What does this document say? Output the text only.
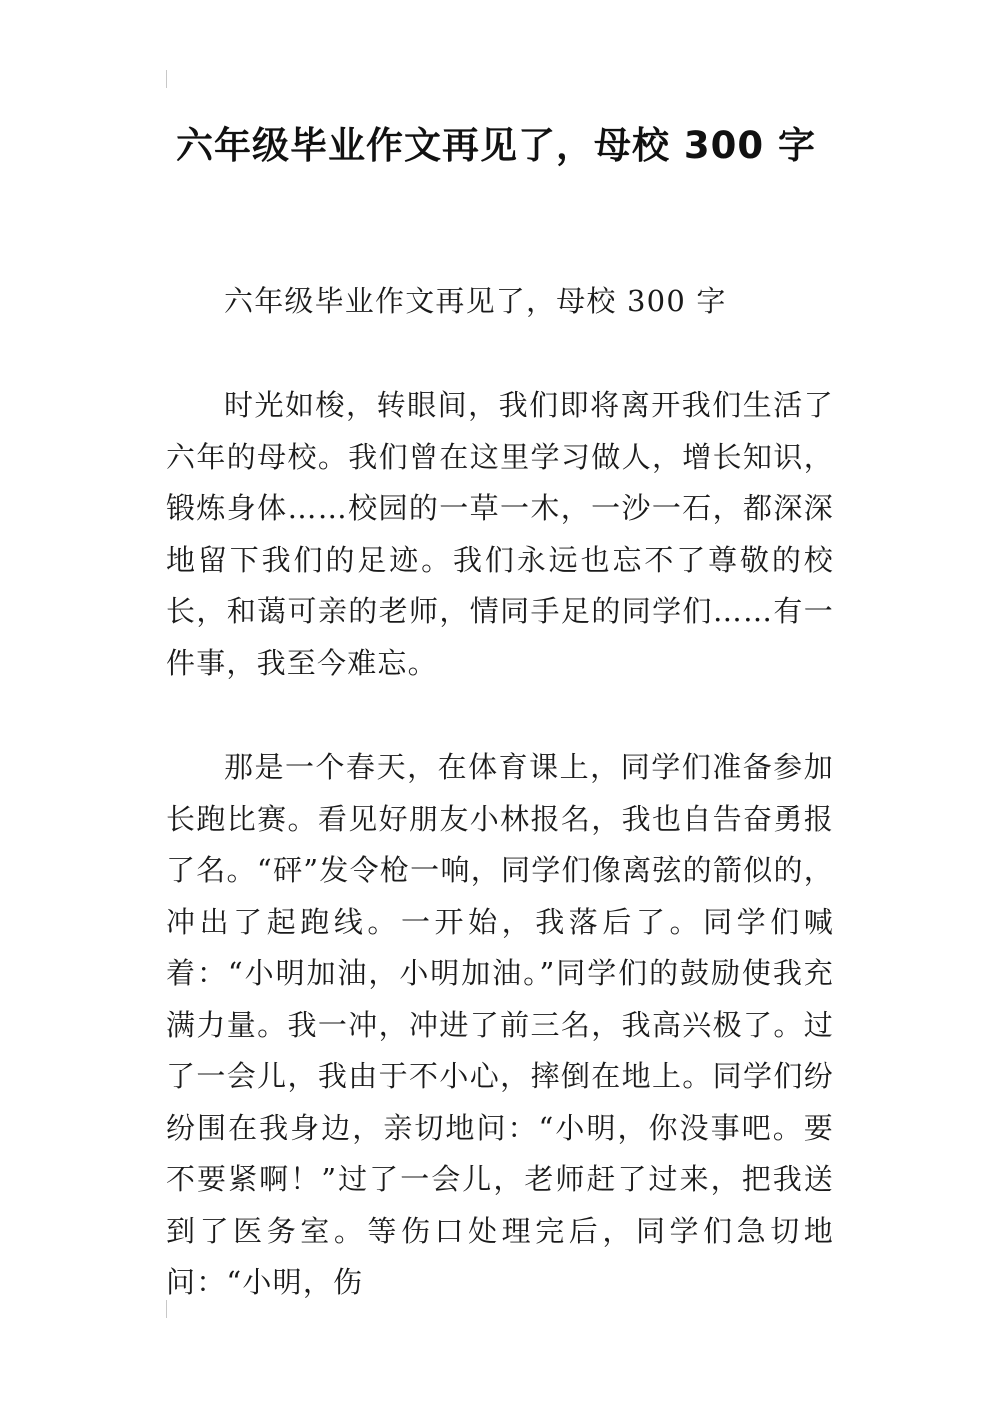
六年级毕业作文再见了，母校 300 字
六年级毕业作文再见了，母校 300 字

时光如梭，转眼间，我们即将离开我们生活了六年的母校。我们曾在这里学习做人，增长知识，锻炼身体……校园的一草一木，一沙一石，都深深地留下我们的足迹。我们永远也忘不了尊敬的校长，和蔼可亲的老师，情同手足的同学们……有一件事，我至今难忘。

那是一个春天，在体育课上，同学们准备参加长跑比赛。看见好朋友小林报名，我也自告奋勇报了名。“砰”发令枪一响，同学们像离弦的箭似的，冲出了起跑线。一开始，我落后了。同学们喊着：“小明加油，小明加油。”同学们的鼓励使我充满力量。我一冲，冲进了前三名，我高兴极了。过了一会儿，我由于不小心，摔倒在地上。同学们纷纷围在我身边，亲切地问：“小明，你没事吧。要不要紧啊！”过了一会儿，老师赶了过来，把我送到了医务室。等伤口处理完后，同学们急切地问：“小明，伤
